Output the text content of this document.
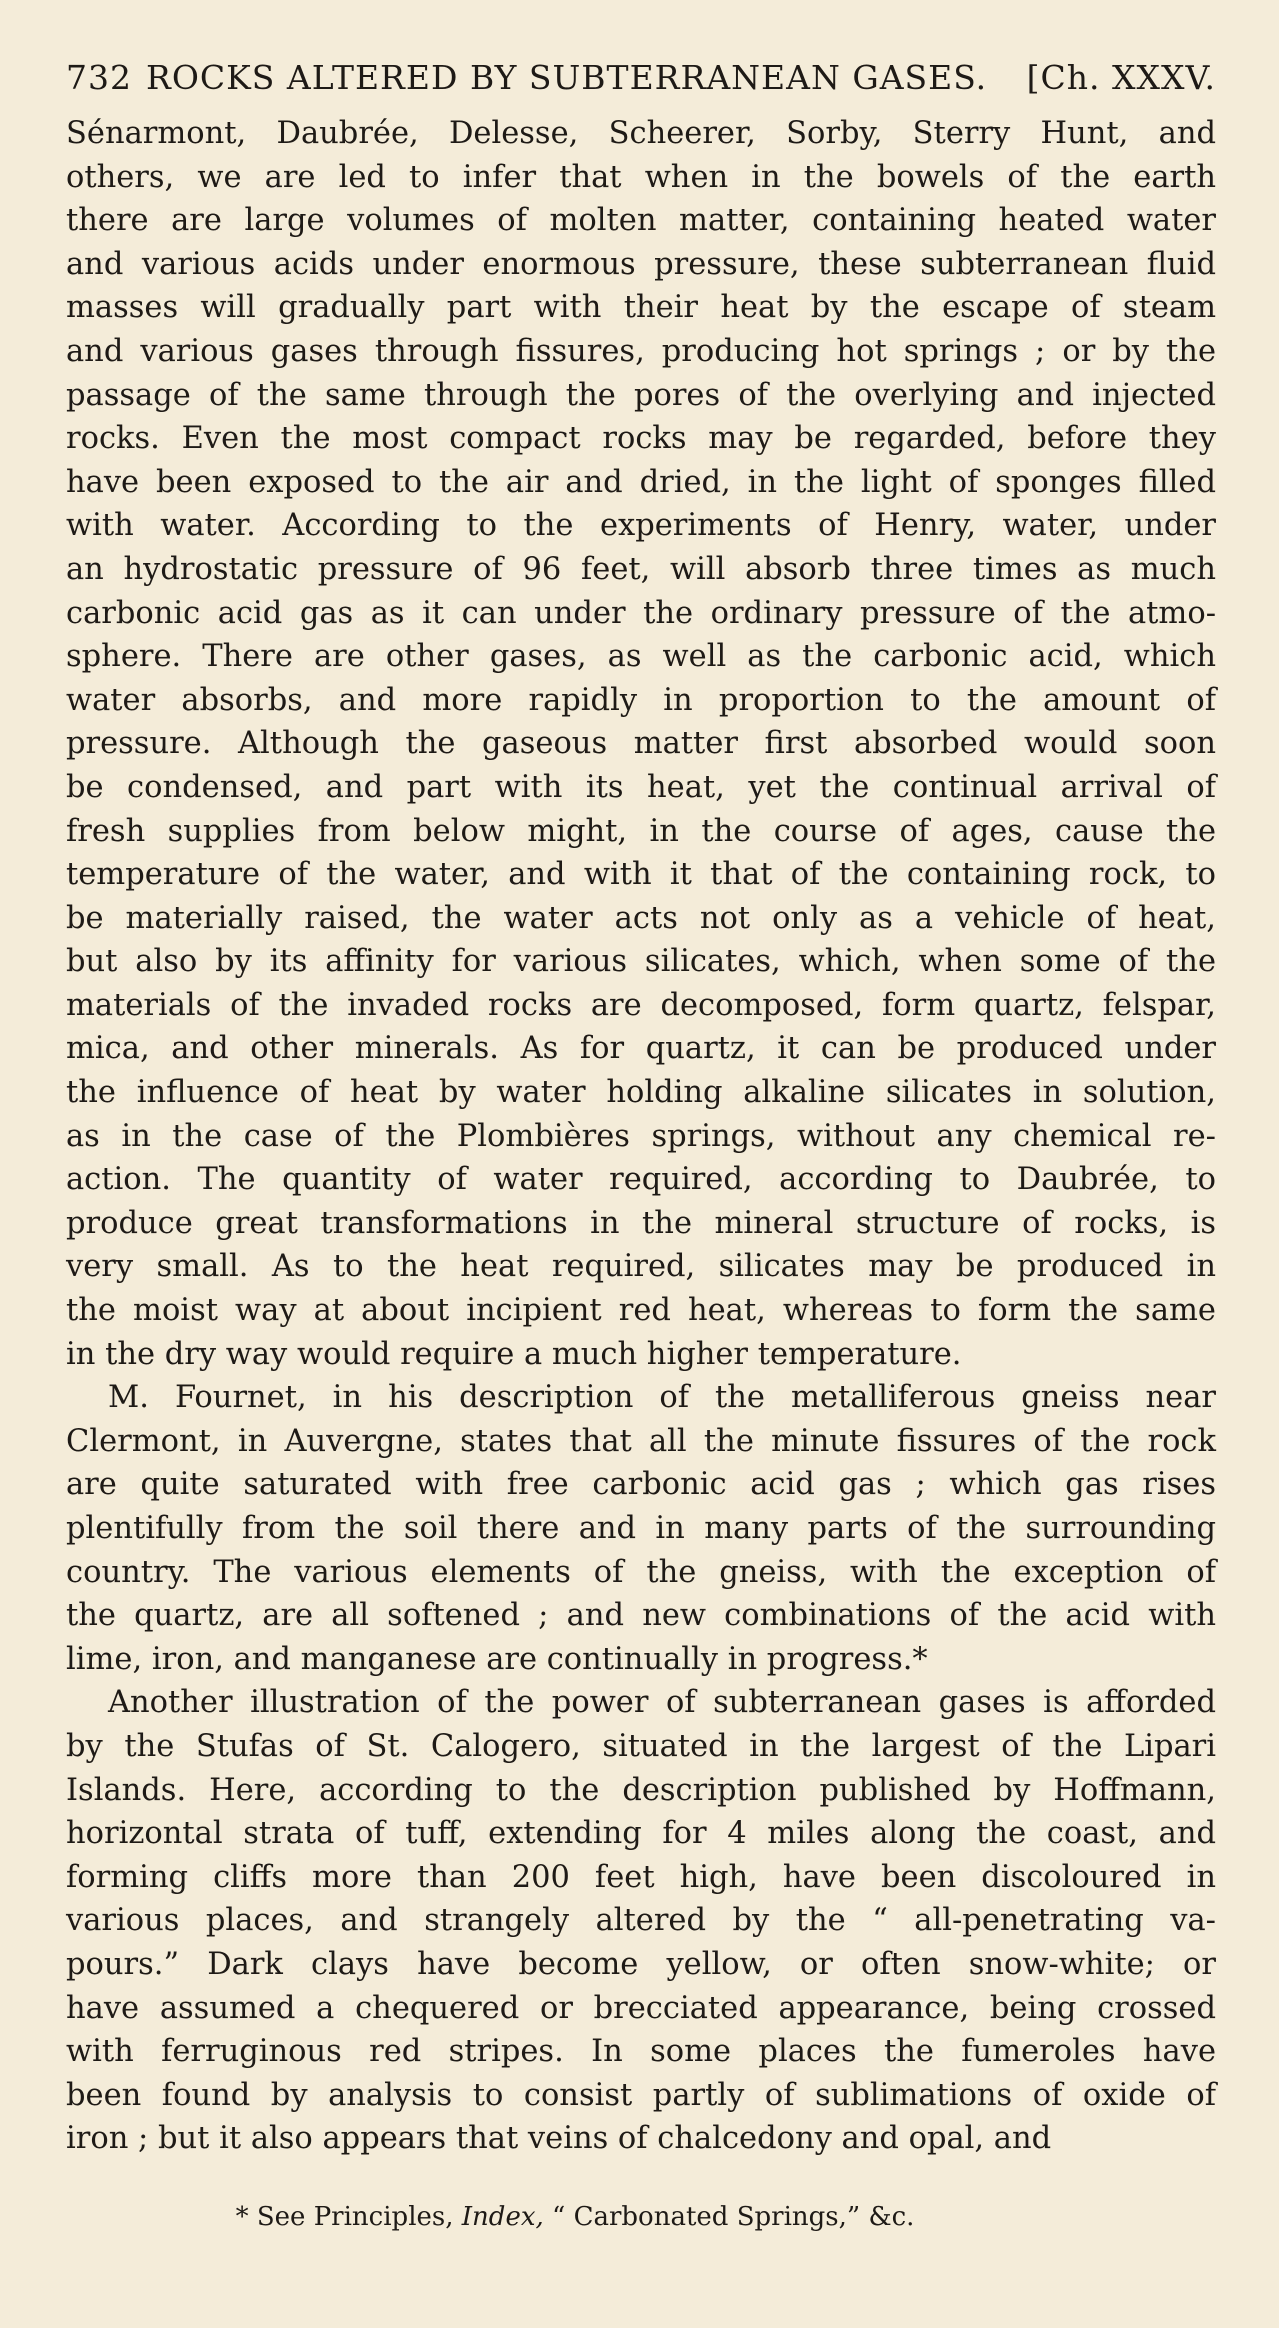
732 ROCKS ALTERED BY SUBTERRANEAN GASES.	[Ch. XXXV.
Sénarmont, Daubrée, Delesse, Scheerer, Sorby, Sterry Hunt, and
others, we are led to infer that when in the bowels of the earth
there are large volumes of molten matter, containing heated water
and various acids under enormous pressure, these subterranean fluid
masses will gradually part with their heat by the escape of steam
and various gases through fissures, producing hot springs ; or by the
passage of the same through the pores of the overlying and injected
rocks. Even the most compact rocks may be regarded, before they
have been exposed to the air and dried, in the light of sponges filled
with water. According to the experiments of Henry, water, under
an hydrostatic pressure of 96 feet, will absorb three times as much
carbonic acid gas as it can under the ordinary pressure of the atmo-
sphere. There are other gases, as well as the carbonic acid, which
water absorbs, and more rapidly in proportion to the amount of
pressure. Although the gaseous matter first absorbed would soon
be condensed, and part with its heat, yet the continual arrival of
fresh supplies from below might, in the course of ages, cause the
temperature of the water, and with it that of the containing rock, to
be materially raised, the water acts not only as a vehicle of heat,
but also by its affinity for various silicates, which, when some of the
materials of the invaded rocks are decomposed, form quartz, felspar,
mica, and other minerals. As for quartz, it can be produced under
the influence of heat by water holding alkaline silicates in solution,
as in the case of the Plombières springs, without any chemical re-
action. The quantity of water required, according to Daubrée, to
produce great transformations in the mineral structure of rocks, is
very small. As to the heat required, silicates may be produced in
the moist way at about incipient red heat, whereas to form the same
in the dry way would require a much higher temperature.
M. Fournet, in his description of the metalliferous gneiss near
Clermont, in Auvergne, states that all the minute fissures of the rock
are quite saturated with free carbonic acid gas ; which gas rises
plentifully from the soil there and in many parts of the surrounding
country. The various elements of the gneiss, with the exception of
the quartz, are all softened ; and new combinations of the acid with
lime, iron, and manganese are continually in progress.*
Another illustration of the power of subterranean gases is afforded
by the Stufas of St. Calogero, situated in the largest of the Lipari
Islands. Here, according to the description published by Hoffmann,
horizontal strata of tuff, extending for 4 miles along the coast, and
forming cliffs more than 200 feet high, have been discoloured in
various places, and strangely altered by the “ all-penetrating va-
pours.” Dark clays have become yellow, or often snow-white; or
have assumed a chequered or brecciated appearance, being crossed
with ferruginous red stripes. In some places the fumeroles have
been found by analysis to consist partly of sublimations of oxide of
iron ; but it also appears that veins of chalcedony and opal, and
* See Principles, Index, “ Carbonated Springs,” &c.
